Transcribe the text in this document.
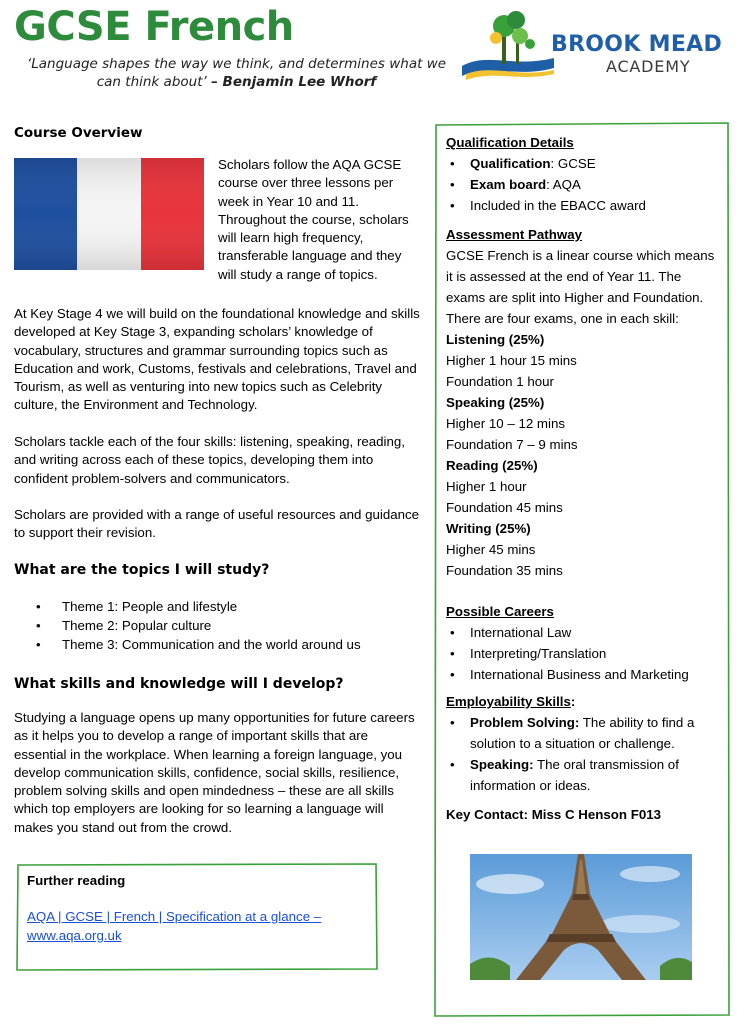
GCSE French
‘Language shapes the way we think, and determines what we can think about’ – Benjamin Lee Whorf
BROOK MEAD
ACADEMY
Course Overview
Scholars follow the AQA GCSE course over three lessons per week in Year 10 and 11. Throughout the course, scholars will learn high frequency, transferable language and they will study a range of topics.
At Key Stage 4 we will build on the foundational knowledge and skills developed at Key Stage 3, expanding scholars’ knowledge of vocabulary, structures and grammar surrounding topics such as Education and work, Customs, festivals and celebrations, Travel and Tourism, as well as venturing into new topics such as Celebrity culture, the Environment and Technology.
Scholars tackle each of the four skills: listening, speaking, reading, and writing across each of these topics, developing them into confident problem-solvers and communicators.
Scholars are provided with a range of useful resources and guidance to support their revision.
What are the topics I will study?
• Theme 1: People and lifestyle
• Theme 2: Popular culture
• Theme 3: Communication and the world around us
What skills and knowledge will I develop?
Studying a language opens up many opportunities for future careers as it helps you to develop a range of important skills that are essential in the workplace. When learning a foreign language, you develop communication skills, confidence, social skills, resilience, problem solving skills and open mindedness – these are all skills which top employers are looking for so learning a language will makes you stand out from the crowd.
Further reading
AQA | GCSE | French | Specification at a glance – www.aqa.org.uk
Qualification Details
• Qualification: GCSE
• Exam board: AQA
• Included in the EBACC award
Assessment Pathway
GCSE French is a linear course which means it is assessed at the end of Year 11. The exams are split into Higher and Foundation. There are four exams, one in each skill:
Listening (25%)
Higher 1 hour 15 mins
Foundation 1 hour
Speaking (25%)
Higher 10 – 12 mins
Foundation 7 – 9 mins
Reading (25%)
Higher 1 hour
Foundation 45 mins
Writing (25%)
Higher 45 mins
Foundation 35 mins
Possible Careers
• International Law
• Interpreting/Translation
• International Business and Marketing
Employability Skills:
• Problem Solving: The ability to find a solution to a situation or challenge.
• Speaking: The oral transmission of information or ideas.
Key Contact: Miss C Henson F013
